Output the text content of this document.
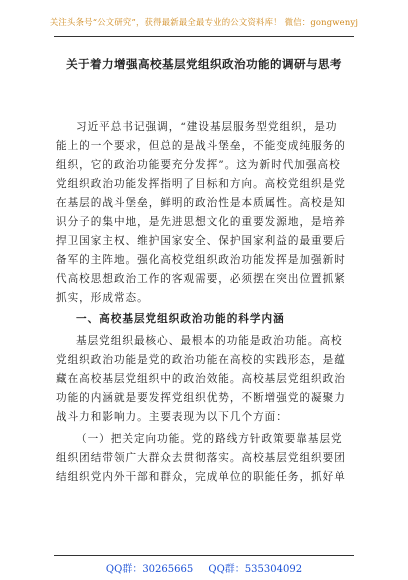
关注头条号“公文研究”，获得最新最全最专业的公文资料库！ 微信：gongwenyj
关于着力增强高校基层党组织政治功能的调研与思考
习近平总书记强调，“建设基层服务型党组织，是功
能上的一个要求，但总的是战斗堡垒，不能变成纯服务的
组织，它的政治功能要充分发挥”。这为新时代加强高校
党组织政治功能发挥指明了目标和方向。高校党组织是党
在基层的战斗堡垒，鲜明的政治性是本质属性。高校是知
识分子的集中地，是先进思想文化的重要发源地，是培养
捍卫国家主权、维护国家安全、保护国家利益的最重要后
备军的主阵地。强化高校党组织政治功能发挥是加强新时
代高校思想政治工作的客观需要，必须摆在突出位置抓紧
抓实，形成常态。
一、高校基层党组织政治功能的科学内涵
基层党组织最核心、最根本的功能是政治功能。高校
党组织政治功能是党的政治功能在高校的实践形态，是蕴
藏在高校基层党组织中的政治效能。高校基层党组织政治
功能的内涵就是要发挥党组织优势，不断增强党的凝聚力
战斗力和影响力。主要表现为以下几个方面：
（一）把关定向功能。党的路线方针政策要靠基层党
组织团结带领广大群众去贯彻落实。高校基层党组织要团
结组织党内外干部和群众，完成单位的职能任务，抓好单
QQ群：30265665 QQ群：535304092
